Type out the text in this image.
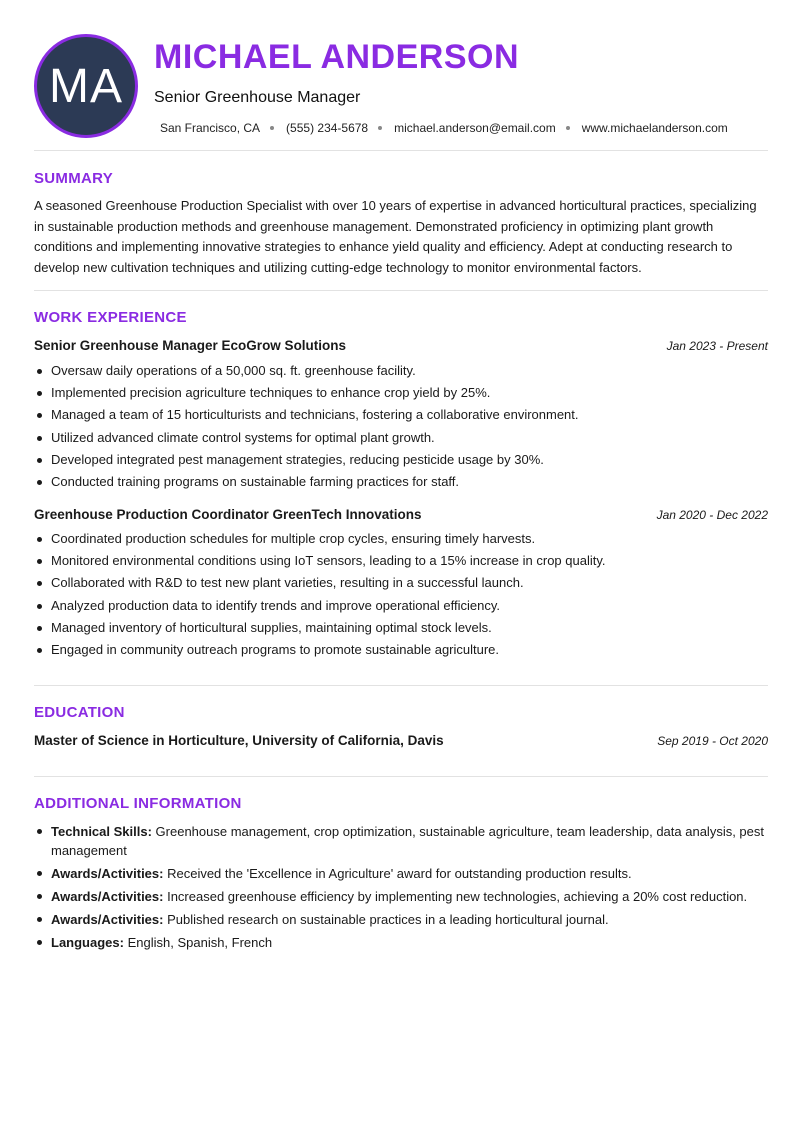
MA
MICHAEL ANDERSON
Senior Greenhouse Manager
San Francisco, CA (555) 234-5678 michael.anderson@email.com www.michaelanderson.com
SUMMARY
A seasoned Greenhouse Production Specialist with over 10 years of expertise in advanced horticultural practices, specializing in sustainable production methods and greenhouse management. Demonstrated proficiency in optimizing plant growth conditions and implementing innovative strategies to enhance yield quality and efficiency. Adept at conducting research to develop new cultivation techniques and utilizing cutting-edge technology to monitor environmental factors.
WORK EXPERIENCE
Senior Greenhouse Manager EcoGrow Solutions	Jan 2023 - Present
Oversaw daily operations of a 50,000 sq. ft. greenhouse facility.
Implemented precision agriculture techniques to enhance crop yield by 25%.
Managed a team of 15 horticulturists and technicians, fostering a collaborative environment.
Utilized advanced climate control systems for optimal plant growth.
Developed integrated pest management strategies, reducing pesticide usage by 30%.
Conducted training programs on sustainable farming practices for staff.
Greenhouse Production Coordinator GreenTech Innovations	Jan 2020 - Dec 2022
Coordinated production schedules for multiple crop cycles, ensuring timely harvests.
Monitored environmental conditions using IoT sensors, leading to a 15% increase in crop quality.
Collaborated with R&D to test new plant varieties, resulting in a successful launch.
Analyzed production data to identify trends and improve operational efficiency.
Managed inventory of horticultural supplies, maintaining optimal stock levels.
Engaged in community outreach programs to promote sustainable agriculture.
EDUCATION
Master of Science in Horticulture, University of California, Davis	Sep 2019 - Oct 2020
ADDITIONAL INFORMATION
Technical Skills: Greenhouse management, crop optimization, sustainable agriculture, team leadership, data analysis, pest management
Awards/Activities: Received the 'Excellence in Agriculture' award for outstanding production results.
Awards/Activities: Increased greenhouse efficiency by implementing new technologies, achieving a 20% cost reduction.
Awards/Activities: Published research on sustainable practices in a leading horticultural journal.
Languages: English, Spanish, French
